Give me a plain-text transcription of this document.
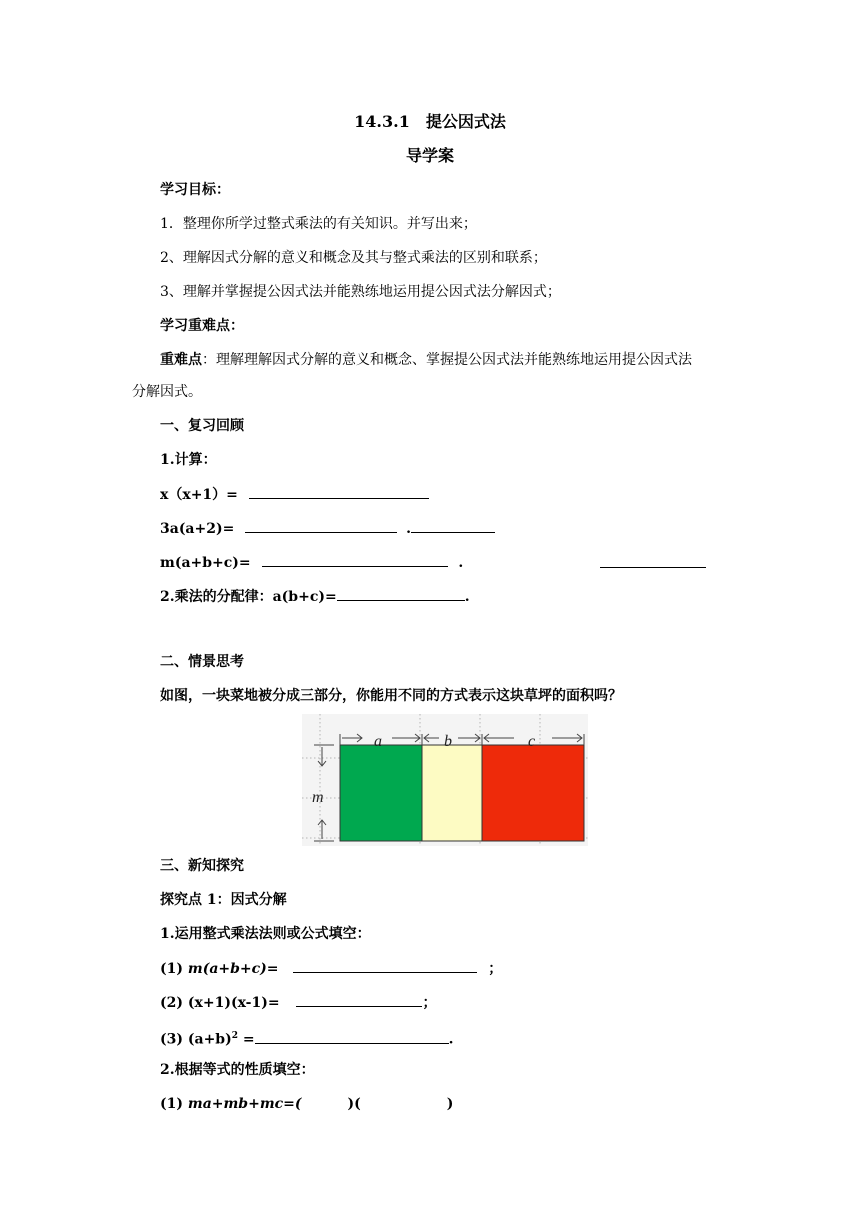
14.3.1　提公因式法
导学案
学习目标：
1．整理你所学过整式乘法的有关知识。并写出来；
2、理解因式分解的意义和概念及其与整式乘法的区别和联系；
3、理解并掌握提公因式法并能熟练地运用提公因式法分解因式；
学习重难点：
重难点：理解理解因式分解的意义和概念、掌握提公因式法并能熟练地运用提公因式法
分解因式。
一、复习回顾
1.计算：
x（x+1）=
3a(a+2)=	.
m(a+b+c)=	.
2.乘法的分配律：a(b+c)=	.
二、情景思考
如图，一块菜地被分成三部分，你能用不同的方式表示这块草坪的面积吗？
a	b	c
m
三、新知探究
探究点 1：因式分解
1.运用整式乘法法则或公式填空：
(1) m(a+b+c)=	；
(2) (x+1)(x-1)=	；
(3) $(a+b)^2$ =	.
2.根据等式的性质填空：
(1) ma+mb+mc=(	)(	)
